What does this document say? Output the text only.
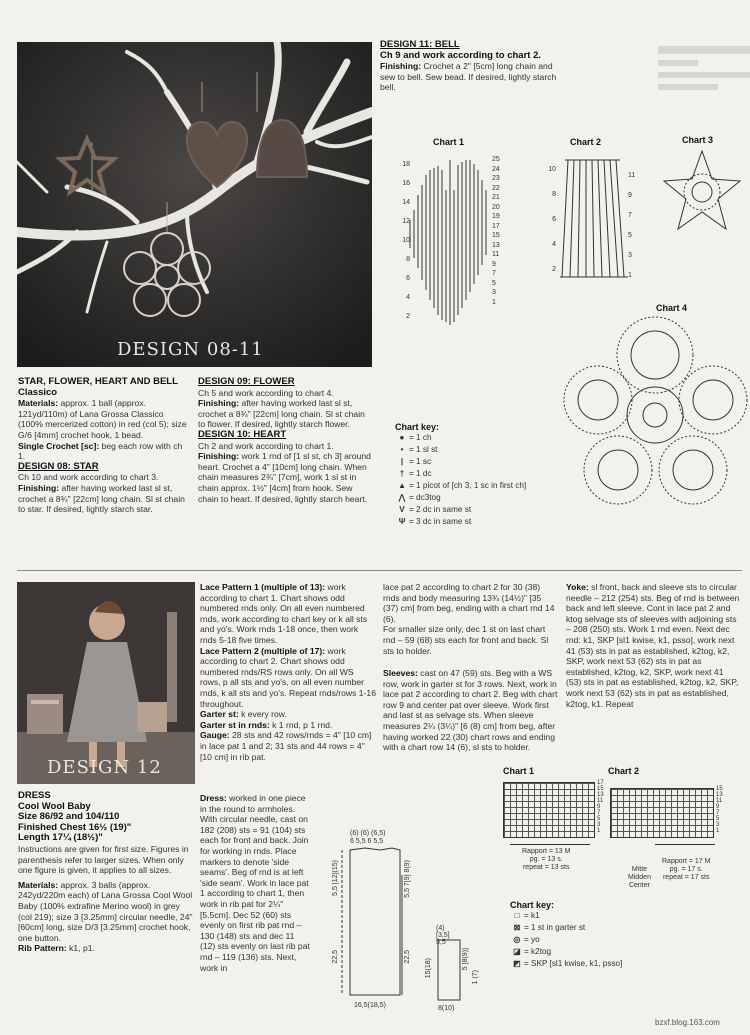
DESIGN 11: BELL
Ch 9 and work according to chart 2.

Finishing: Crochet a 2" [5cm] long chain and sew to bell. Sew bead. If desired, lightly starch bell.

DESIGN 08-11
STAR, FLOWER, HEART AND BELL
Classico

Materials: approx. 1 ball (approx. 121yd/110m) of Lana Grossa Classico (100% mercerized cotton) in red (col 5); size G/6 [4mm] crochet hook, 1 bead.

Single Crochet [sc]: beg each row with ch 1.

DESIGN 08: STAR

Ch 10 and work according to chart 3.

Finishing: after having worked last sl st, crochet a 8¾" [22cm] long chain. Sl st chain to star. If desired, lightly starch star.

DESIGN 09: FLOWER

Ch 5 and work according to chart 4.

Finishing: after having worked last sl st, crochet a 8¾" [22cm] long chain. Sl st chain to flower. If desired, lightly starch flower.

DESIGN 10: HEART

Ch 2 and work according to chart 1.

Finishing: work 1 rnd of [1 sl st, ch 3] around heart. Crochet a 4" [10cm] long chain. When chain measures 2¾" [7cm], work 1 sl st in chain approx. 1½" [4cm] from hook. Sew chain to heart. If desired, lightly starch heart.

Chart 1	Chart 2	Chart 3
Chart 4
18
16
14
12
10
8
6
4
2
25
24
23
22
21
20
19
17
15
13
11
9
7
5
3
1
10
8
6
4
2
11
9
7
5
3
1
Chart key:
● = 1 ch
• = 1 sl st
| = 1 sc
† = 1 dc
▲ = 1 picot of [ch 3, 1 sc in first ch]
⋀ = dc3tog
V = 2 dc in same st
Ψ = 3 dc in same st
DESIGN 12
DRESS
Cool Wool Baby
Size 86/92 and 104/110
Finished Chest 16½ (19)"
Length 17¼ (18½)"

Instructions are given for first size. Figures in parenthesis refer to larger sizes. When only one figure is given, it applies to all sizes.

Materials: approx. 3 balls (approx. 242yd/220m each) of Lana Grossa Cool Wool Baby (100% extrafine Merino wool) in grey (col 219); size 3 [3.25mm] circular needle, 24" [60cm] long, size D/3 [3.25mm] crochet hook, one button.

Rib Pattern: k1, p1.

Lace Pattern 1 (multiple of 13): work according to chart 1. Chart shows odd numbered rnds only. On all even numbered rnds, work according to chart key or k all sts and yo's. Work rnds 1-18 once, then work rnds 5-18 five times.

Lace Pattern 2 (multiple of 17): work according to chart 2. Chart shows odd numbered rnds/RS rows only. On all WS rows, p all sts and yo's, on all even number rnds, k all sts and yo's. Repeat rnds/rows 1-16 throughout.

Garter st: k every row.

Garter st in rnds: k 1 rnd, p 1 rnd.

Gauge: 28 sts and 42 rows/rnds = 4" [10 cm] in lace pat 1 and 2; 31 sts and 44 rows = 4" [10 cm] in rib pat.

Dress: worked in one piece in the round to armholes. With circular needle, cast on 182 (208) sts = 91 (104) sts each for front and back. Join for working in rnds. Place markers to denote 'side seams'. Beg of rnd is at left 'side seam'. Work in lace pat 1 according to chart 1, then work in rib pat for 2¼" [5.5cm]. Dec 52 (60) sts evenly on first rib pat rnd – 130 (148) sts and dec 11 (12) sts evenly on last rib pat rnd – 119 (136) sts. Next, work in

lace pat 2 according to chart 2 for 30 (38) rnds and body measuring 13¾ (14½)" [35 (37) cm] from beg, ending with a chart rnd 14 (6).

For smaller size only, dec 1 st on last chart rnd – 59 (68) sts each for front and back. Sl sts to holder.

Sleeves: cast on 47 (59) sts. Beg with a WS row, work in garter st for 3 rows. Next, work in lace pat 2 according to chart 2. Beg with chart row 9 and center pat over sleeve. Work first and last st as selvage sts. When sleeve measures 2¼ (3¼)" [6 (8) cm] from beg, after having worked 22 (30) chart rows and ending with a chart row 14 (6), sl sts to holder.

Yoke: sl front, back and sleeve sts to circular needle – 212 (254) sts. Beg of rnd is between back and left sleeve. Cont in lace pat 2 and ktog selvage sts of sleeves with adjoining sts – 208 (250) sts. Work 1 rnd even. Next dec rnd: k1, SKP [sl1 kwise, k1, psso], work next 41 (53) sts in pat as established, k2tog, k2, SKP, work next 53 (62) sts in pat as established, k2tog, k2, SKP, work next 41 (53) sts in pat as established, k2tog, k2, SKP, work next 53 (62) sts in pat as established, k2tog, k1. Repeat

Chart 1	Chart 2
17
15
13
11
9
7
5
3
1
15
13
11
9
7
5
3
1
Rapport = 13 M
pg. = 13 s.
repeat = 13 sts	Mitte
Midden
Center
Rapport = 17 M
pg. = 17 s.
repeat = 17 sts
Chart key:
□ = k1
⊠ = 1 st in garter st
◎ = yo
◪ = k2tog
◩ = SKP [sl1 kwise, k1, psso]
(6) (6) (6,5)
6 5,5 6 5,5
5,5 [12](15)
22,5
5,5 7[9] 8(9)
22,5
16,5(18,5)
(4)
[3,5]
5,5
15(18)	5 [8(9)]
1 (7)
8(10)
bzxf.blog.163.com
